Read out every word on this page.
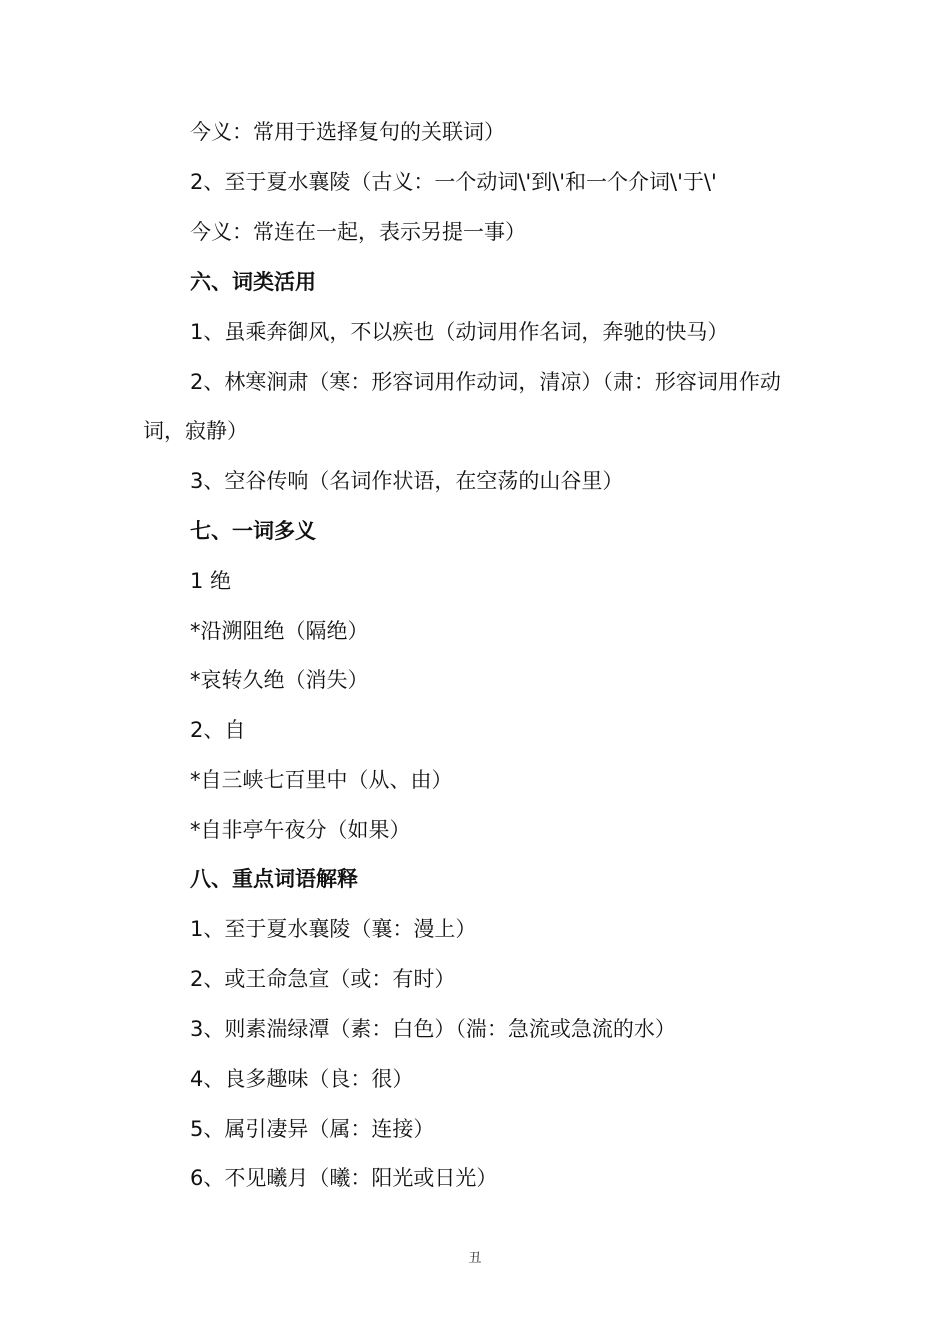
今义：常用于选择复句的关联词）
2、至于夏水襄陵（古义：一个动词\'到\'和一个介词\'于\'
今义：常连在一起，表示另提一事）
六、词类活用
1、虽乘奔御风，不以疾也（动词用作名词，奔驰的快马）
2、林寒涧肃（寒：形容词用作动词，清凉）（肃：形容词用作动
词，寂静）
3、空谷传响（名词作状语，在空荡的山谷里）
七、一词多义
1 绝
*沿溯阻绝（隔绝）
*哀转久绝（消失）
2、自
*自三峡七百里中（从、由）
*自非亭午夜分（如果）
八、重点词语解释
1、至于夏水襄陵（襄：漫上）
2、或王命急宣（或：有时）
3、则素湍绿潭（素：白色）（湍：急流或急流的水）
4、良多趣味（良：很）
5、属引凄异（属：连接）
6、不见曦月（曦：阳光或日光）
丑
